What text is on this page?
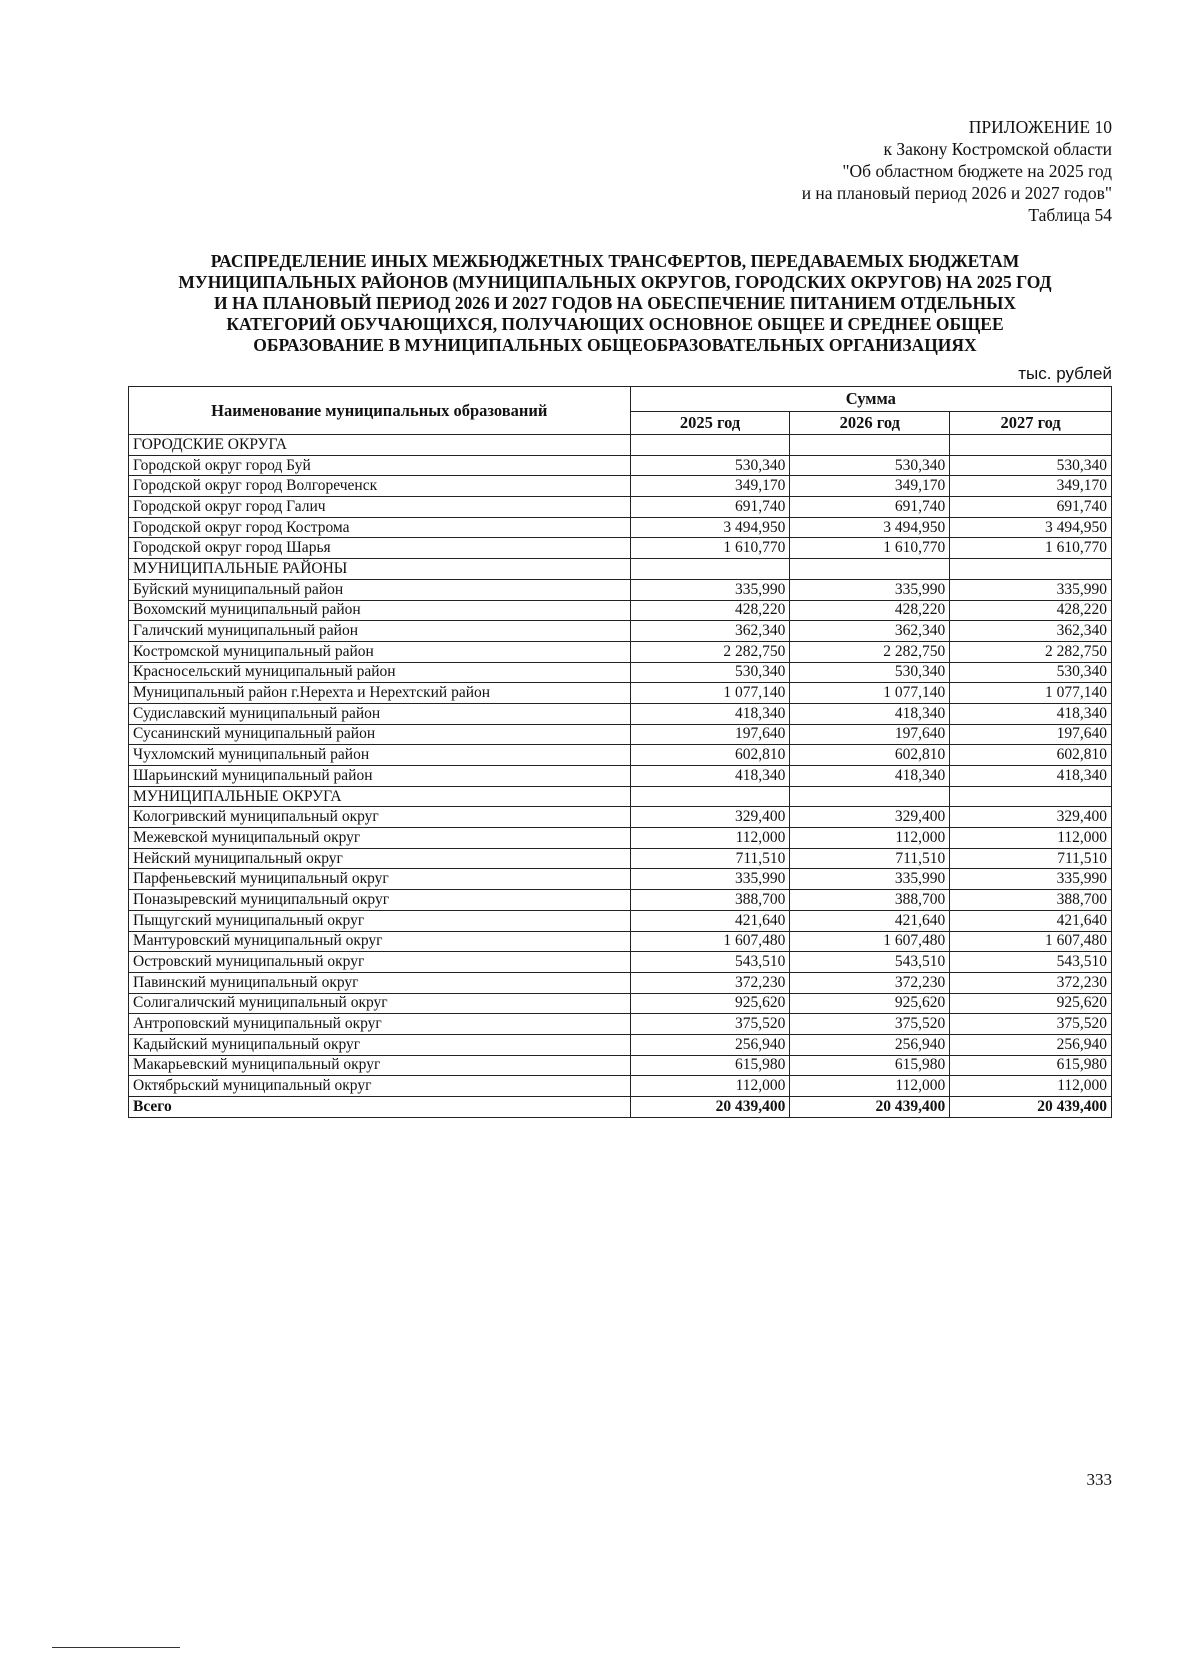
ПРИЛОЖЕНИЕ 10
к Закону Костромской области
"Об областном бюджете на 2025 год
и на плановый период 2026 и 2027 годов"
Таблица 54
РАСПРЕДЕЛЕНИЕ ИНЫХ МЕЖБЮДЖЕТНЫХ ТРАНСФЕРТОВ, ПЕРЕДАВАЕМЫХ БЮДЖЕТАМ
МУНИЦИПАЛЬНЫХ РАЙОНОВ (МУНИЦИПАЛЬНЫХ ОКРУГОВ, ГОРОДСКИХ ОКРУГОВ) НА 2025 ГОД
И НА ПЛАНОВЫЙ ПЕРИОД 2026 И 2027 ГОДОВ НА ОБЕСПЕЧЕНИЕ ПИТАНИЕМ ОТДЕЛЬНЫХ
КАТЕГОРИЙ ОБУЧАЮЩИХСЯ, ПОЛУЧАЮЩИХ ОСНОВНОЕ ОБЩЕЕ И СРЕДНЕЕ ОБЩЕЕ
ОБРАЗОВАНИЕ В МУНИЦИПАЛЬНЫХ ОБЩЕОБРАЗОВАТЕЛЬНЫХ ОРГАНИЗАЦИЯХ
тыс. рублей
Наименование муниципальных образований	Сумма		
	2025 год	2026 год	2027 год
ГОРОДСКИЕ ОКРУГА			
Городской округ город Буй	530,340	530,340	530,340
Городской округ город Волгореченск	349,170	349,170	349,170
Городской округ город Галич	691,740	691,740	691,740
Городской округ город Кострома	3 494,950	3 494,950	3 494,950
Городской округ город Шарья	1 610,770	1 610,770	1 610,770
МУНИЦИПАЛЬНЫЕ РАЙОНЫ			
Буйский муниципальный район	335,990	335,990	335,990
Вохомский муниципальный район	428,220	428,220	428,220
Галичский муниципальный район	362,340	362,340	362,340
Костромской муниципальный район	2 282,750	2 282,750	2 282,750
Красносельский муниципальный район	530,340	530,340	530,340
Муниципальный район г.Нерехта и Нерехтский район	1 077,140	1 077,140	1 077,140
Судиславский муниципальный район	418,340	418,340	418,340
Сусанинский муниципальный район	197,640	197,640	197,640
Чухломский муниципальный район	602,810	602,810	602,810
Шарьинский муниципальный район	418,340	418,340	418,340
МУНИЦИПАЛЬНЫЕ ОКРУГА			
Кологривский муниципальный округ	329,400	329,400	329,400
Межевской муниципальный округ	112,000	112,000	112,000
Нейский муниципальный округ	711,510	711,510	711,510
Парфеньевский муниципальный округ	335,990	335,990	335,990
Поназыревский муниципальный округ	388,700	388,700	388,700
Пыщугский муниципальный округ	421,640	421,640	421,640
Мантуровский муниципальный округ	1 607,480	1 607,480	1 607,480
Островский муниципальный округ	543,510	543,510	543,510
Павинский муниципальный округ	372,230	372,230	372,230
Солигаличский муниципальный округ	925,620	925,620	925,620
Антроповский муниципальный округ	375,520	375,520	375,520
Кадыйский муниципальный округ	256,940	256,940	256,940
Макарьевский муниципальный округ	615,980	615,980	615,980
Октябрьский муниципальный округ	112,000	112,000	112,000
Всего	20 439,400	20 439,400	20 439,400
333
